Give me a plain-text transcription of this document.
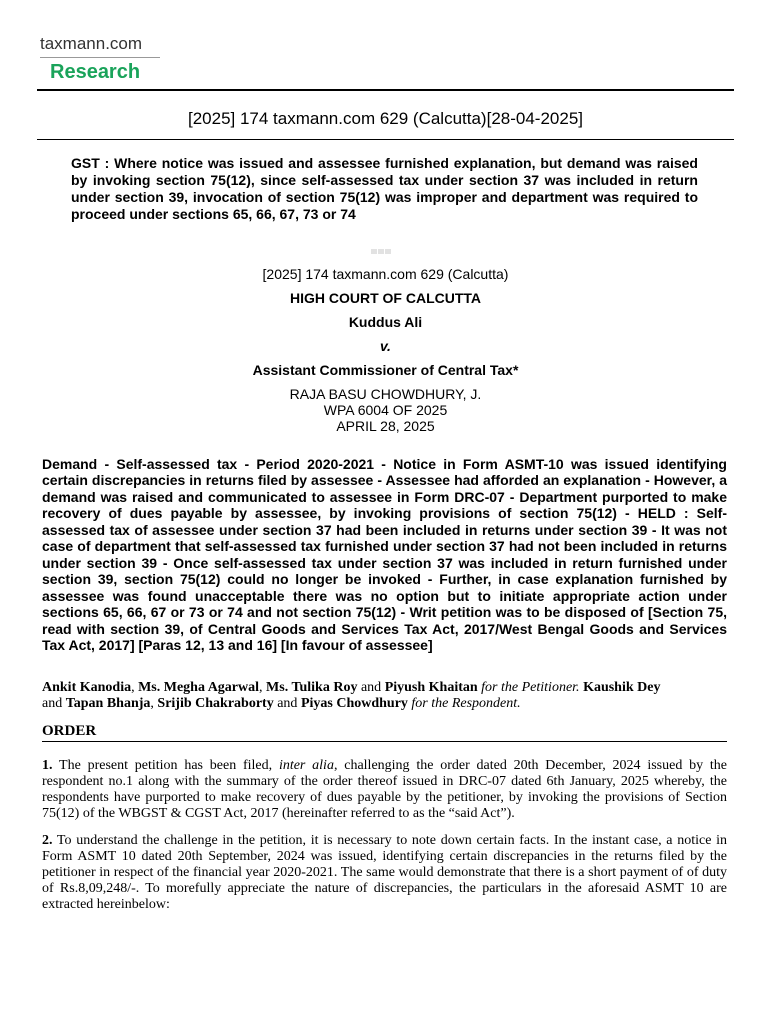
taxmann.com
Research
[2025] 174 taxmann.com 629 (Calcutta)[28-04-2025]
GST : Where notice was issued and assessee furnished explanation, but demand was raised by invoking section 75(12), since self-assessed tax under section 37 was included in return under section 39, invocation of section 75(12) was improper and department was required to proceed under sections 65, 66, 67, 73 or 74
[2025] 174 taxmann.com 629 (Calcutta)
HIGH COURT OF CALCUTTA
Kuddus Ali
v.
Assistant Commissioner of Central Tax*
RAJA BASU CHOWDHURY, J.
WPA 6004 OF 2025
APRIL 28, 2025
Demand - Self-assessed tax - Period 2020-2021 - Notice in Form ASMT-10 was issued identifying certain discrepancies in returns filed by assessee - Assessee had afforded an explanation - However, a demand was raised and communicated to assessee in Form DRC-07 - Department purported to make recovery of dues payable by assessee, by invoking provisions of section 75(12) - HELD : Self-assessed tax of assessee under section 37 had been included in returns under section 39 - It was not case of department that self-assessed tax furnished under section 37 had not been included in returns under section 39 - Once self-assessed tax under section 37 was included in return furnished under section 39, section 75(12) could no longer be invoked - Further, in case explanation furnished by assessee was found unacceptable there was no option but to initiate appropriate action under sections 65, 66, 67 or 73 or 74 and not section 75(12) - Writ petition was to be disposed of [Section 75, read with section 39, of Central Goods and Services Tax Act, 2017/West Bengal Goods and Services Tax Act, 2017] [Paras 12, 13 and 16] [In favour of assessee]
Ankit Kanodia, Ms. Megha Agarwal, Ms. Tulika Roy and Piyush Khaitan for the Petitioner. Kaushik Dey
and Tapan Bhanja, Srijib Chakraborty and Piyas Chowdhury for the Respondent.
ORDER
1. The present petition has been filed, inter alia, challenging the order dated 20th December, 2024 issued by the respondent no.1 along with the summary of the order thereof issued in DRC-07 dated 6th January, 2025 whereby, the respondents have purported to make recovery of dues payable by the petitioner, by invoking the provisions of Section 75(12) of the WBGST & CGST Act, 2017 (hereinafter referred to as the “said Act”).
2. To understand the challenge in the petition, it is necessary to note down certain facts. In the instant case, a notice in Form ASMT 10 dated 20th September, 2024 was issued, identifying certain discrepancies in the returns filed by the petitioner in respect of the financial year 2020-2021. The same would demonstrate that there is a short payment of of duty of Rs.8,09,248/-. To morefully appreciate the nature of discrepancies, the particulars in the aforesaid ASMT 10 are extracted hereinbelow:
